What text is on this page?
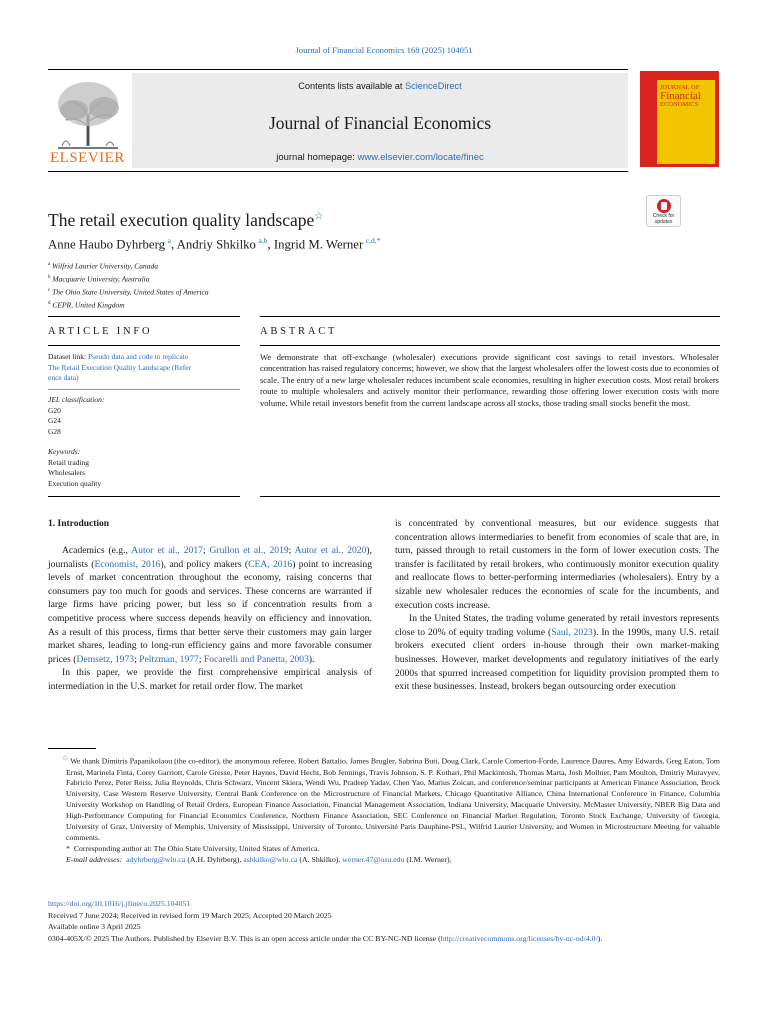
Journal of Financial Economics 168 (2025) 104051
ELSEVIER
Contents lists available at ScienceDirect
Journal of Financial Economics
journal homepage: www.elsevier.com/locate/finec
JOURNAL OF
Financial
ECONOMICS
Check for
updates
The retail execution quality landscape☆
Anne Haubo Dyhrberg  $^a$, Andriy Shkilko  $^{a,b}$, Ingrid M. Werner  $^{c,d,*}$
$^a$ Wilfrid Laurier University, Canada
$^b$ Macquarie University, Australia
$^c$ The Ohio State University, United States of America
$^d$ CEPR, United Kingdom
ARTICLE INFO	ABSTRACT
Dataset link: Pseudo data and code to replicate
The Retail Execution Quality Landscape (Refer
ence data)
JEL classification:
G20
G24
G28
Keywords:
Retail trading
Wholesalers
Execution quality
We demonstrate that off-exchange (wholesaler) executions provide significant cost savings to retail investors. Wholesaler concentration has raised regulatory concerns; however, we show that the largest wholesalers offer the lowest costs due to economies of scale. The entry of a new large wholesaler reduces incumbent scale economies, resulting in higher execution costs. Most retail brokers route to multiple wholesalers and actively monitor their performance, rewarding those offering lower execution costs with more volume. While retail investors benefit from the current landscape across all stocks, those trading small stocks benefit the most.
1. Introduction

Academics (e.g., Autor et al., 2017; Grullon et al., 2019; Autor et al., 2020), journalists (Economist, 2016), and policy makers (CEA, 2016) point to increasing levels of market concentration throughout the economy, raising concerns that consumers pay too much for goods and services. These concerns are warranted if large firms have pricing power, but less so if concentration results from a competitive process where success depends heavily on efficiency and innovation. As a result of this process, firms that better serve their customers may gain larger market shares, leading to long-run efficiency gains and more favorable consumer prices (Demsetz, 1973; Peltzman, 1977; Focarelli and Panetta, 2003).

In this paper, we provide the first comprehensive empirical analysis of intermediation in the U.S. market for retail order flow. The market

is concentrated by conventional measures, but our evidence suggests that concentration allows intermediaries to benefit from economies of scale that are, in turn, passed through to retail customers in the form of lower execution costs. The transfer is facilitated by retail brokers, who continuously monitor execution quality and reallocate flows to better-performing intermediaries (wholesalers). Entry by a sizable new wholesaler reduces the economies of scale for the incumbents, and execution costs increase.

In the United States, the trading volume generated by retail investors represents close to 20% of equity trading volume (Saul, 2023). In the 1990s, many U.S. retail brokers executed client orders in-house through their own market-making businesses. However, market developments and regulatory initiatives of the early 2000s that spurred increased competition for liquidity provision prompted them to exit these businesses. Instead, brokers began outsourcing order execution

☆ We thank Dimitris Papanikolaou (the co-editor), the anonymous referee, Robert Battalio, James Brugler, Sabrina Buti, Doug Clark, Carole Comerton-Forde, Laurence Daures, Amy Edwards, Greg Eaton, Tom Ernst, Marinela Finta, Corey Garriott, Carole Gresse, Peter Haynes, David Hecht, Bob Jennings, Travis Johnson, S. P. Kothari, Phil Mackintosh, Thomas Marta, Josh Mollner, Pam Moulton, Dmitriy Muravyev, Fabricio Perez, Peter Reiss, Julia Reynolds, Chris Schwarz, Vincent Skiera, Wendi Wu, Pradeep Yadav, Chen Yao, Marius Zoican, and conference/seminar participants at American Finance Association, Brock University, Case Western Reserve University, Central Bank Conference on the Microstructure of Financial Markets, Chicago Quantitative Alliance, China International Conference in Finance, Columbia University Workshop on Handling of Retail Orders, European Finance Association, Financial Management Association, Indiana University, Macquarie University, McMaster University, NBER Big Data and High-Performance Computing for Financial Economics Conference, Northern Finance Association, SEC Conference on Financial Market Regulation, Toronto Stock Exchange, University of Georgia, University of Graz, University of Memphis, University of Mississippi, University of Toronto, Université Paris Dauphine-PSL, Wilfrid Laurier University, and Women in Microstructure Meeting for valuable comments.

* Corresponding author at: The Ohio State University, United States of America.

E-mail addresses: adyhrberg@wlu.ca (A.H. Dyhrberg), ashkilko@wlu.ca (A. Shkilko), werner.47@osu.edu (I.M. Werner).

https://doi.org/10.1016/j.jfineco.2025.104051

Received 7 June 2024; Received in revised form 19 March 2025; Accepted 20 March 2025

Available online 3 April 2025

0304-405X/© 2025 The Authors. Published by Elsevier B.V. This is an open access article under the CC BY-NC-ND license (http://creativecommons.org/licenses/by-nc-nd/4.0/).
